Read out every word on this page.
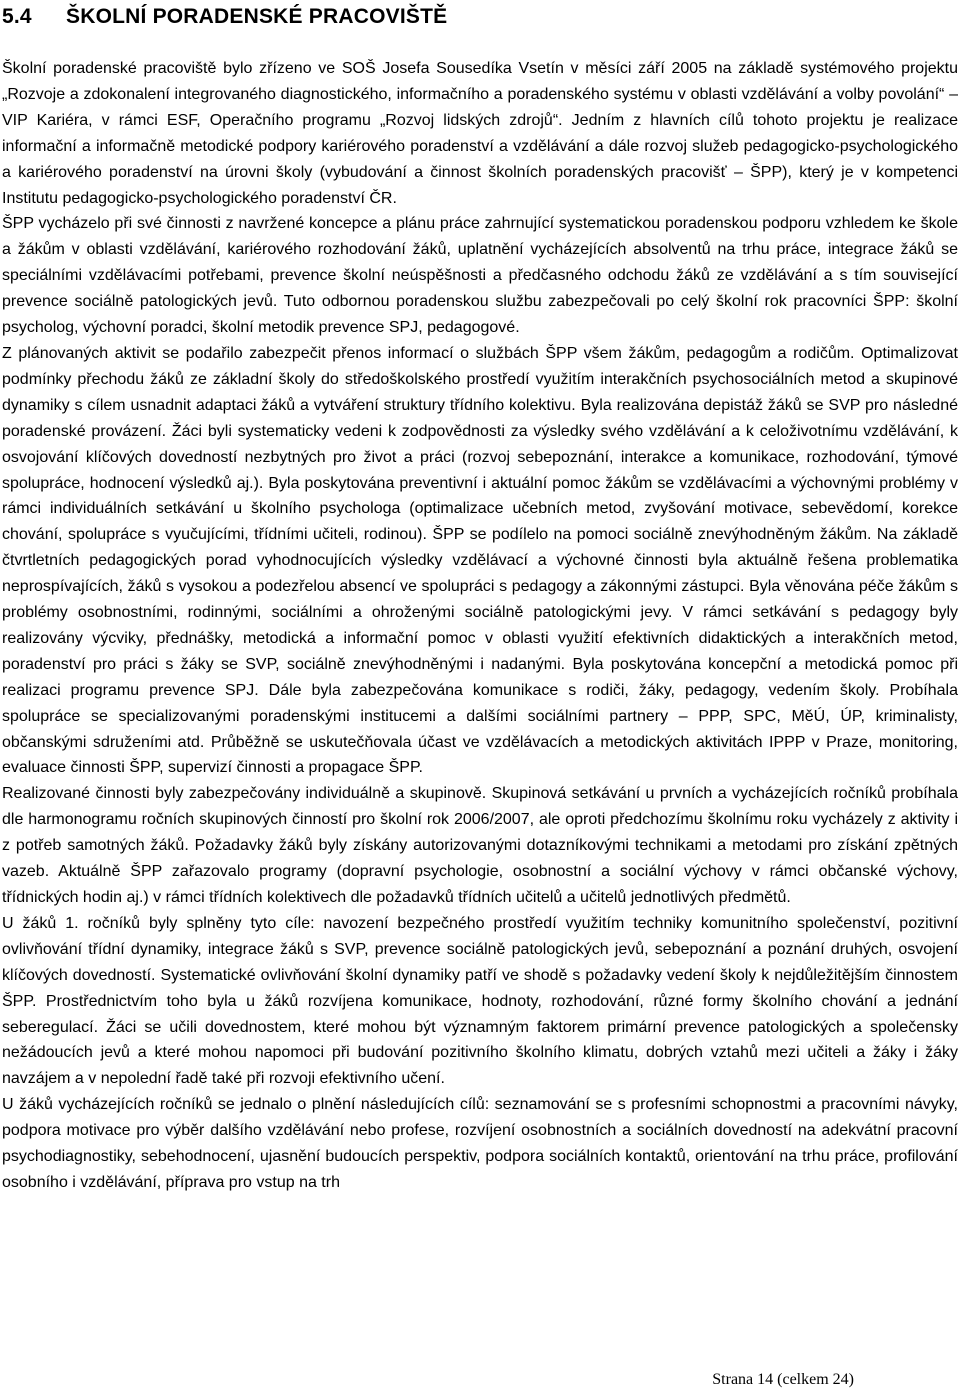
5.4 ŠKOLNÍ PORADENSKÉ PRACOVIŠTĚ

Školní poradenské pracoviště bylo zřízeno ve SOŠ Josefa Sousedíka Vsetín v měsíci září 2005 na základě systémového projektu „Rozvoje a zdokonalení integrovaného diagnostického, informačního a poradenského systému v oblasti vzdělávání a volby povolání“ – VIP Kariéra, v rámci ESF, Operačního programu „Rozvoj lidských zdrojů“. Jedním z hlavních cílů tohoto projektu je realizace informační a informačně metodické podpory kariérového poradenství a vzdělávání a dále rozvoj služeb pedagogicko-psychologického a kariérového poradenství na úrovni školy (vybudování a činnost školních poradenských pracovišť – ŠPP), který je v kompetenci Institutu pedagogicko-psychologického poradenství ČR.

ŠPP vycházelo při své činnosti z navržené koncepce a plánu práce zahrnující systematickou poradenskou podporu vzhledem ke škole a žákům v oblasti vzdělávání, kariérového rozhodování žáků, uplatnění vycházejících absolventů na trhu práce, integrace žáků se speciálními vzdělávacími potřebami, prevence školní neúspěšnosti a předčasného odchodu žáků ze vzdělávání a s tím související prevence sociálně patologických jevů. Tuto odbornou poradenskou službu zabezpečovali po celý školní rok pracovníci ŠPP: školní psycholog, výchovní poradci, školní metodik prevence SPJ, pedagogové.

Z plánovaných aktivit se podařilo zabezpečit přenos informací o službách ŠPP všem žákům, pedagogům a rodičům. Optimalizovat podmínky přechodu žáků ze základní školy do středoškolského prostředí využitím interakčních psychosociálních metod a skupinové dynamiky s cílem usnadnit adaptaci žáků a vytváření struktury třídního kolektivu. Byla realizována depistáž žáků se SVP pro následné poradenské provázení. Žáci byli systematicky vedeni k zodpovědnosti za výsledky svého vzdělávání a k celoživotnímu vzdělávání, k osvojování klíčových dovedností nezbytných pro život a práci (rozvoj sebepoznání, interakce a komunikace, rozhodování, týmové spolupráce, hodnocení výsledků aj.). Byla poskytována preventivní i aktuální pomoc žákům se vzdělávacími a výchovnými problémy v rámci individuálních setkávání u školního psychologa (optimalizace učebních metod, zvyšování motivace, sebevědomí, korekce chování, spolupráce s vyučujícími, třídními učiteli, rodinou). ŠPP se podílelo na pomoci sociálně znevýhodněným žákům. Na základě čtvrtletních pedagogických porad vyhodnocujících výsledky vzdělávací a výchovné činnosti byla aktuálně řešena problematika neprospívajících, žáků s vysokou a podezřelou absencí ve spolupráci s pedagogy a zákonnými zástupci. Byla věnována péče žákům s problémy osobnostními, rodinnými, sociálními a ohroženými sociálně patologickými jevy. V rámci setkávání s pedagogy byly realizovány výcviky, přednášky, metodická a informační pomoc v oblasti využití efektivních didaktických a interakčních metod, poradenství pro práci s žáky se SVP, sociálně znevýhodněnými i nadanými. Byla poskytována koncepční a metodická pomoc při realizaci programu prevence SPJ. Dále byla zabezpečována komunikace s rodiči, žáky, pedagogy, vedením školy. Probíhala spolupráce se specializovanými poradenskými institucemi a dalšími sociálními partnery – PPP, SPC, MěÚ, ÚP, kriminalisty, občanskými sdruženími atd. Průběžně se uskutečňovala účast ve vzdělávacích a metodických aktivitách IPPP v Praze, monitoring, evaluace činnosti ŠPP, supervizí činnosti a propagace ŠPP.

Realizované činnosti byly zabezpečovány individuálně a skupinově. Skupinová setkávání u prvních a vycházejících ročníků probíhala dle harmonogramu ročních skupinových činností pro školní rok 2006/2007, ale oproti předchozímu školnímu roku vycházely z aktivity i z potřeb samotných žáků. Požadavky žáků byly získány autorizovanými dotazníkovými technikami a metodami pro získání zpětných vazeb. Aktuálně ŠPP zařazovalo programy (dopravní psychologie, osobnostní a sociální výchovy v rámci občanské výchovy, třídnických hodin aj.) v rámci třídních kolektivech dle požadavků třídních učitelů a učitelů jednotlivých předmětů.

U žáků 1. ročníků byly splněny tyto cíle: navození bezpečného prostředí využitím techniky komunitního společenství, pozitivní ovlivňování třídní dynamiky, integrace žáků s SVP, prevence sociálně patologických jevů, sebepoznání a poznání druhých, osvojení klíčových dovedností. Systematické ovlivňování školní dynamiky patří ve shodě s požadavky vedení školy k nejdůležitějším činnostem ŠPP. Prostřednictvím toho byla u žáků rozvíjena komunikace, hodnoty, rozhodování, různé formy školního chování a jednání seberegulací. Žáci se učili dovednostem, které mohou být významným faktorem primární prevence patologických a společensky nežádoucích jevů a které mohou napomoci při budování pozitivního školního klimatu, dobrých vztahů mezi učiteli a žáky i žáky navzájem a v nepolední řadě také při rozvoji efektivního učení.

U žáků vycházejících ročníků se jednalo o plnění následujících cílů: seznamování se s profesními schopnostmi a pracovními návyky, podpora motivace pro výběr dalšího vzdělávání nebo profese, rozvíjení osobnostních a sociálních dovedností na adekvátní pracovní psychodiagnostiky, sebehodnocení, ujasnění budoucích perspektiv, podpora sociálních kontaktů, orientování na trhu práce, profilování osobního i vzdělávání, příprava pro vstup na trh

Strana 14 (celkem 24)
